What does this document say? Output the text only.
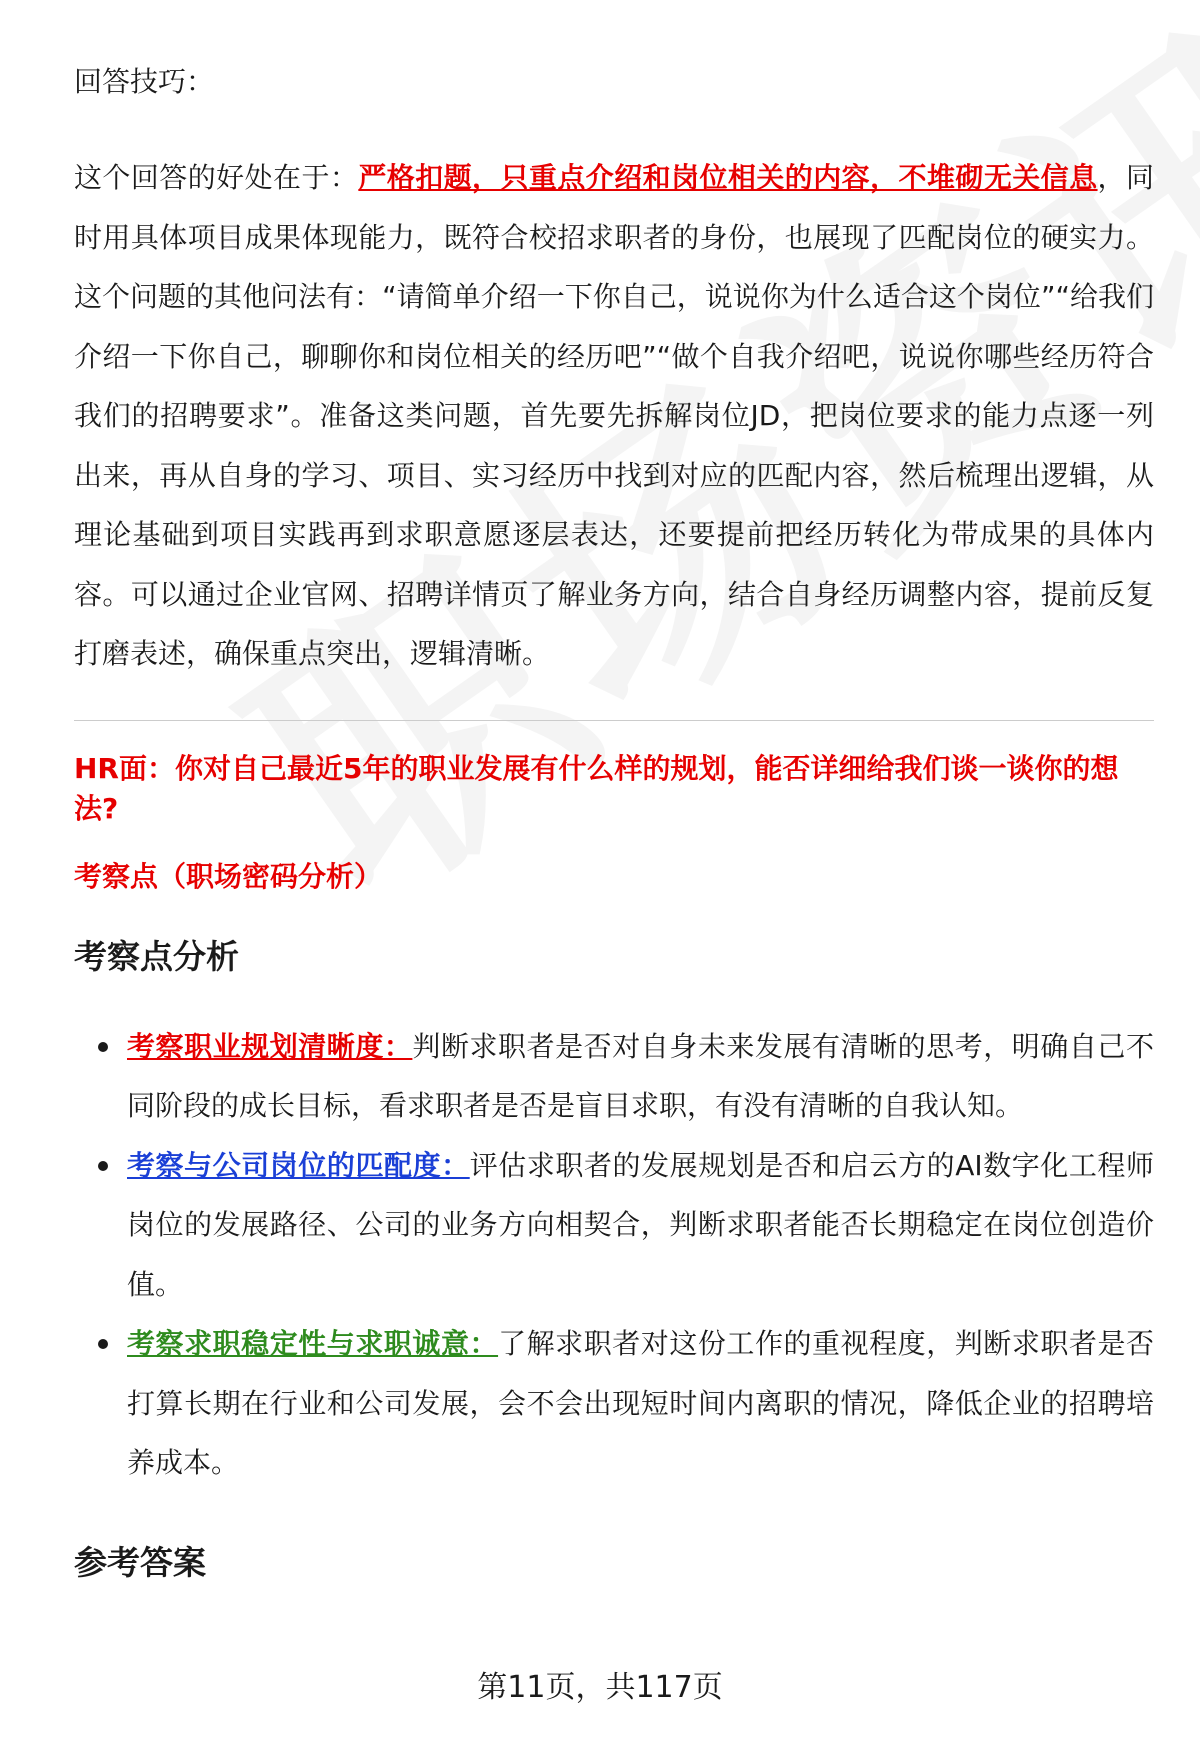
回答技巧：

这个回答的好处在于：严格扣题，只重点介绍和岗位相关的内容，不堆砌无关信息，同时用具体项目成果体现能力，既符合校招求职者的身份，也展现了匹配岗位的硬实力。这个问题的其他问法有：“请简单介绍一下你自己，说说你为什么适合这个岗位”“给我们介绍一下你自己，聊聊你和岗位相关的经历吧”“做个自我介绍吧，说说你哪些经历符合我们的招聘要求”。准备这类问题，首先要先拆解岗位JD，把岗位要求的能力点逐一列出来，再从自身的学习、项目、实习经历中找到对应的匹配内容，然后梳理出逻辑，从理论基础到项目实践再到求职意愿逐层表达，还要提前把经历转化为带成果的具体内容。可以通过企业官网、招聘详情页了解业务方向，结合自身经历调整内容，提前反复打磨表述，确保重点突出，逻辑清晰。

HR面：你对自己最近5年的职业发展有什么样的规划，能否详细给我们谈一谈你的想法?

考察点（职场密码分析）

考察点分析

考察职业规划清晰度：判断求职者是否对自身未来发展有清晰的思考，明确自己不同阶段的成长目标，看求职者是否是盲目求职，有没有清晰的自我认知。
考察与公司岗位的匹配度：评估求职者的发展规划是否和启云方的AI数字化工程师岗位的发展路径、公司的业务方向相契合，判断求职者能否长期稳定在岗位创造价值。
考察求职稳定性与求职诚意：了解求职者对这份工作的重视程度，判断求职者是否打算长期在行业和公司发展，会不会出现短时间内离职的情况，降低企业的招聘培养成本。

参考答案

第11页，共117页
